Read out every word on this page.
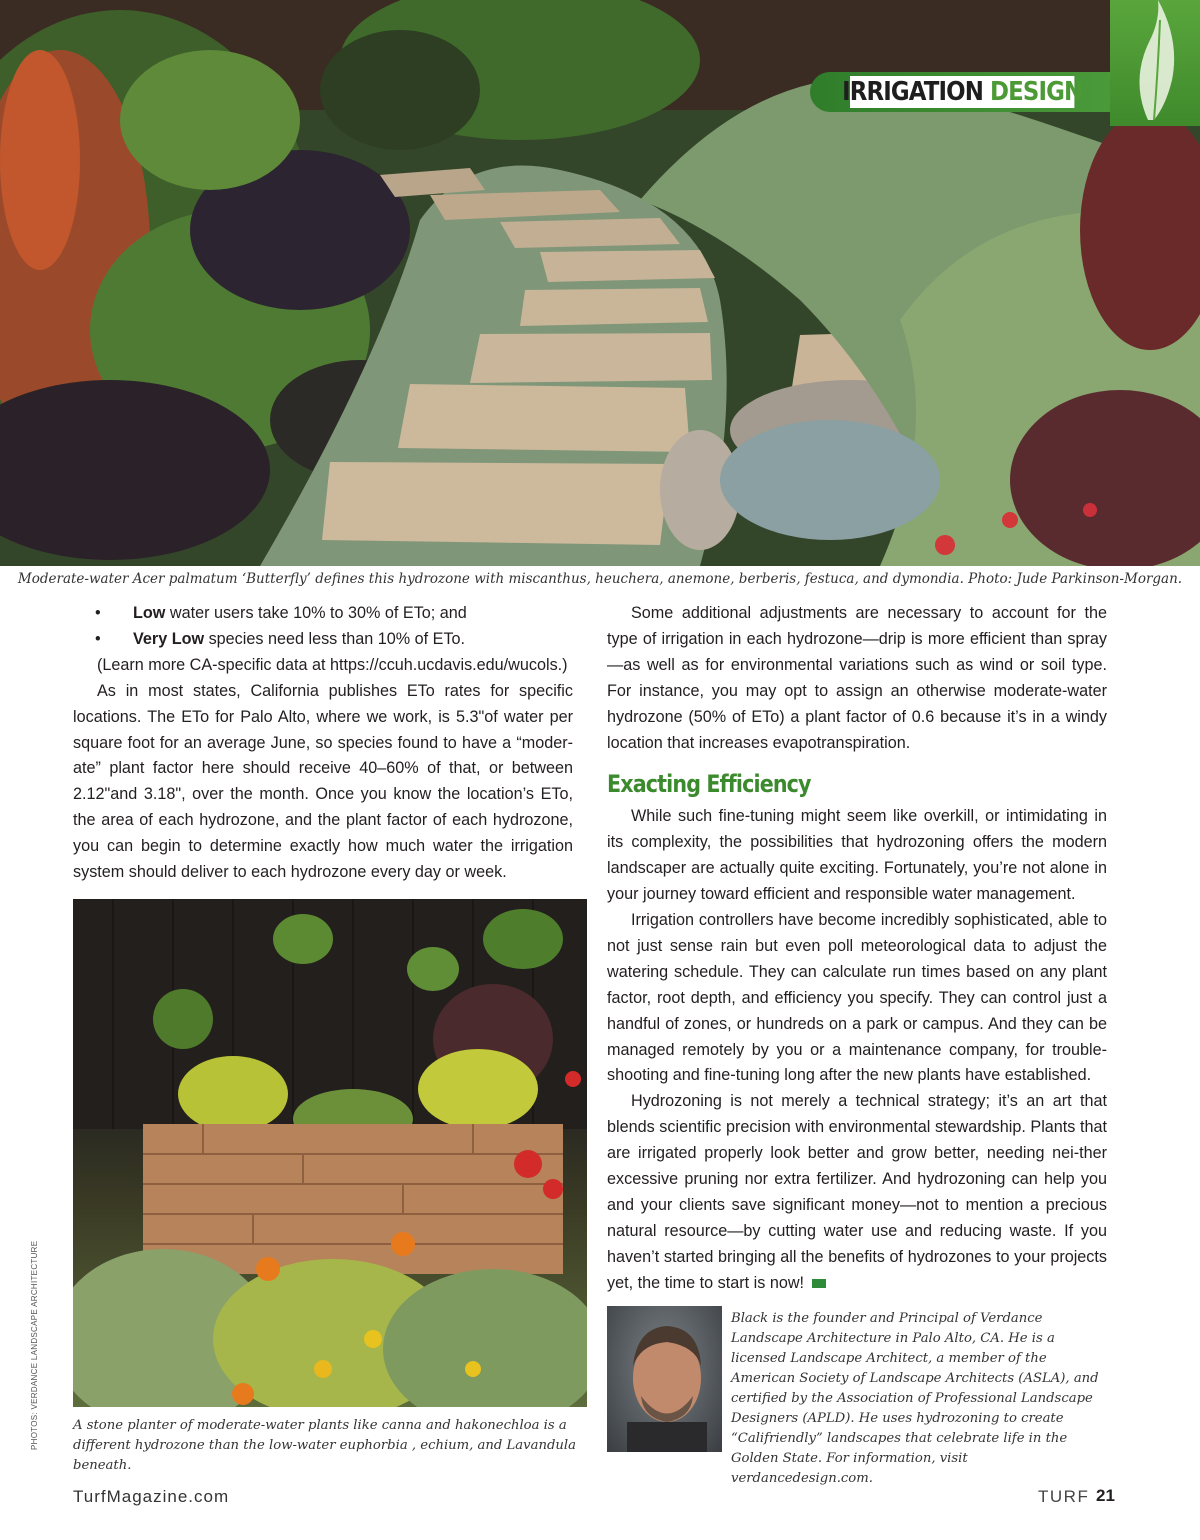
IRRIGATION DESIGN
Moderate-water Acer palmatum ‘Butterfly’ defines this hydrozone with miscanthus, heuchera, anemone, berberis, festuca, and dymondia. Photo: Jude Parkinson-Morgan.

• Low water users take 10% to 30% of ETo; and

• Very Low species need less than 10% of ETo.

(Learn more CA-specific data at https://ccuh.ucdavis.edu/wucols.)

As in most states, California publishes ETo rates for specific locations. The ETo for Palo Alto, where we work, is 5.3"of water per square foot for an average June, so species found to have a “moder-ate” plant factor here should receive 40–60% of that, or between 2.12"and 3.18", over the month. Once you know the location’s ETo, the area of each hydrozone, and the plant factor of each hydrozone, you can begin to determine exactly how much water the irrigation system should deliver to each hydrozone every day or week.

A stone planter of moderate-water plants like canna and hakonechloa is a different hydrozone than the low-water euphorbia , echium, and Lavandula beneath.
PHOTOS: VERDANCE LANDSCAPE ARCHITECTURE

Some additional adjustments are necessary to account for the type of irrigation in each hydrozone—drip is more efficient than spray—as well as for environmental variations such as wind or soil type. For instance, you may opt to assign an otherwise moderate-water hydrozone (50% of ETo) a plant factor of 0.6 because it’s in a windy location that increases evapotranspiration.

Exacting Efficiency

While such fine-tuning might seem like overkill, or intimidating in its complexity, the possibilities that hydrozoning offers the modern landscaper are actually quite exciting. Fortunately, you’re not alone in your journey toward efficient and responsible water management.

Irrigation controllers have become incredibly sophisticated, able to not just sense rain but even poll meteorological data to adjust the watering schedule. They can calculate run times based on any plant factor, root depth, and efficiency you specify. They can control just a handful of zones, or hundreds on a park or campus. And they can be managed remotely by you or a maintenance company, for trouble-shooting and fine-tuning long after the new plants have established.

Hydrozoning is not merely a technical strategy; it’s an art that blends scientific precision with environmental stewardship. Plants that are irrigated properly look better and grow better, needing nei-ther excessive pruning nor extra fertilizer. And hydrozoning can help you and your clients save significant money—not to mention a precious natural resource—by cutting water use and reducing waste. If you haven’t started bringing all the benefits of hydrozones to your projects yet, the time to start is now!

Black is the founder and Principal of Verdance Landscape Architecture in Palo Alto, CA. He is a licensed Landscape Architect, a member of the American Society of Landscape Architects (ASLA), and certified by the Association of Professional Landscape Designers (APLD). He uses hydrozoning to create “Califriendly” landscapes that celebrate life in the Golden State. For information, visit verdancedesign.com.
TurfMagazine.com	TURF 21
